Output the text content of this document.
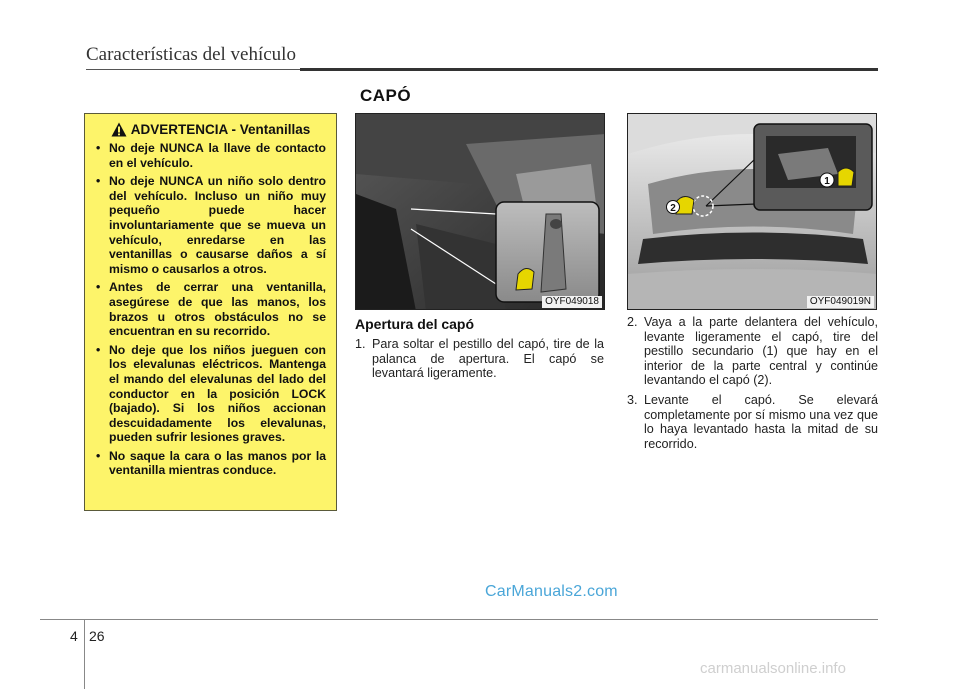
Características del vehículo
CAPÓ
ADVERTENCIA - Ventanillas
• No deje NUNCA la llave de contacto en el vehículo.
• No deje NUNCA un niño solo dentro del vehículo. Incluso un niño muy pequeño puede hacer involuntariamente que se mueva un vehículo, enredarse en las ventanillas o causarse daños a sí mismo o causarlos a otros.
• Antes de cerrar una ventanilla, asegúrese de que las manos, los brazos u otros obstáculos no se encuentran en su recorrido.
• No deje que los niños jueguen con los elevalunas eléctricos. Mantenga el mando del elevalunas del lado del conductor en la posición LOCK (bajado). Si los niños accionan descuidadamente los elevalunas, pueden sufrir lesiones graves.
• No saque la cara o las manos por la ventanilla mientras conduce.
OYF049018
1
2
OYF049019N
Apertura del capó
1. Para soltar el pestillo del capó, tire de la palanca de apertura. El capó se levantará ligeramente.
2. Vaya a la parte delantera del vehículo, levante ligeramente el capó, tire del pestillo secundario (1) que hay en el interior de la parte central y continúe levantando el capó (2).
3. Levante el capó. Se elevará completamente por sí mismo una vez que lo haya levantado hasta la mitad de su recorrido.
CarManuals2.com
4 26
carmanualsonline.info
